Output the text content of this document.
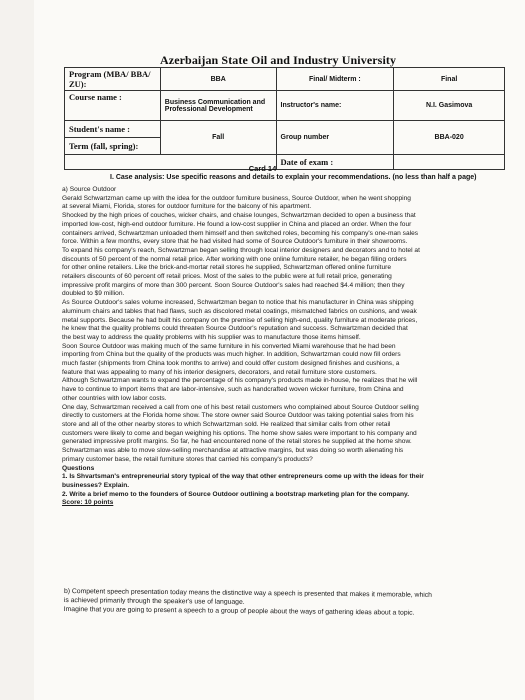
Azerbaijan State Oil and Industry University
Program (MBA/ BBA/ ZU):	BBA	Final/ Midterm :	Final

Course name :	Business Communication and Professional Development	Instructor's name:	N.I. Gasimova
Student's name :	Fall	Group number	BBA-020
Term (fall, spring):			
		Date of exam :	
Card 14
I. Case analysis: Use specific reasons and details to explain your recommendations. (no less than half a page)
a) Source Outdoor
Gerald Schwartzman came up with the idea for the outdoor furniture business, Source Outdoor, when he went shopping
at several Miami, Florida, stores for outdoor furniture for the balcony of his apartment.
Shocked by the high prices of couches, wicker chairs, and chaise lounges, Schwartzman decided to open a business that
imported low-cost, high-end outdoor furniture. He found a low-cost supplier in China and placed an order. When the four
containers arrived, Schwartzman unloaded them himself and then switched roles, becoming his company's one-man sales
force. Within a few months, every store that he had visited had some of Source Outdoor's furniture in their showrooms.
To expand his company's reach, Schwartzman began selling through local interior designers and decorators and to hotel at
discounts of 50 percent of the normal retail price. After working with one online furniture retailer, he began filling orders
for other online retailers. Like the brick-and-mortar retail stores he supplied, Schwartzman offered online furniture
retailers discounts of 60 percent off retail prices. Most of the sales to the public were at full retail price, generating
impressive profit margins of more than 300 percent. Soon Source Outdoor's sales had reached $4.4 million; then they
doubled to $9 million.
As Source Outdoor's sales volume increased, Schwartzman began to notice that his manufacturer in China was shipping
aluminum chairs and tables that had flaws, such as discolored metal coatings, mismatched fabrics on cushions, and weak
metal supports. Because he had built his company on the premise of selling high-end, quality furniture at moderate prices,
he knew that the quality problems could threaten Source Outdoor's reputation and success. Schwartzman decided that
the best way to address the quality problems with his supplier was to manufacture those items himself.
Soon Source Outdoor was making much of the same furniture in his converted Miami warehouse that he had been
importing from China but the quality of the products was much higher. In addition, Schwartzman could now fill orders
much faster (shipments from China took months to arrive) and could offer custom designed finishes and cushions, a
feature that was appealing to many of his interior designers, decorators, and retail furniture store customers.
Although Schwartzman wants to expand the percentage of his company's products made in-house, he realizes that he will
have to continue to import items that are labor-intensive, such as handcrafted woven wicker furniture, from China and
other countries with low labor costs.
One day, Schwartzman received a call from one of his best retail customers who complained about Source Outdoor selling
directly to customers at the Florida home show. The store owner said Source Outdoor was taking potential sales from his
store and all of the other nearby stores to which Schwartzman sold. He realized that similar calls from other retail
customers were likely to come and began weighing his options. The home show sales were important to his company and
generated impressive profit margins. So far, he had encountered none of the retail stores he supplied at the home show.
Schwartzman was able to move slow-selling merchandise at attractive margins, but was doing so worth alienating his
primary customer base, the retail furniture stores that carried his company's products?
Questions
1. Is Shvartsman's entrepreneurial story typical of the way that other entrepreneurs come up with the ideas for their
businesses? Explain.
2. Write a brief memo to the founders of Source Outdoor outlining a bootstrap marketing plan for the company.
Score: 10 points
b) Competent speech presentation today means the distinctive way a speech is presented that makes it memorable, which
is achieved primarily through the speaker's use of language.
Imagine that you are going to present a speech to a group of people about the ways of gathering ideas about a topic.
